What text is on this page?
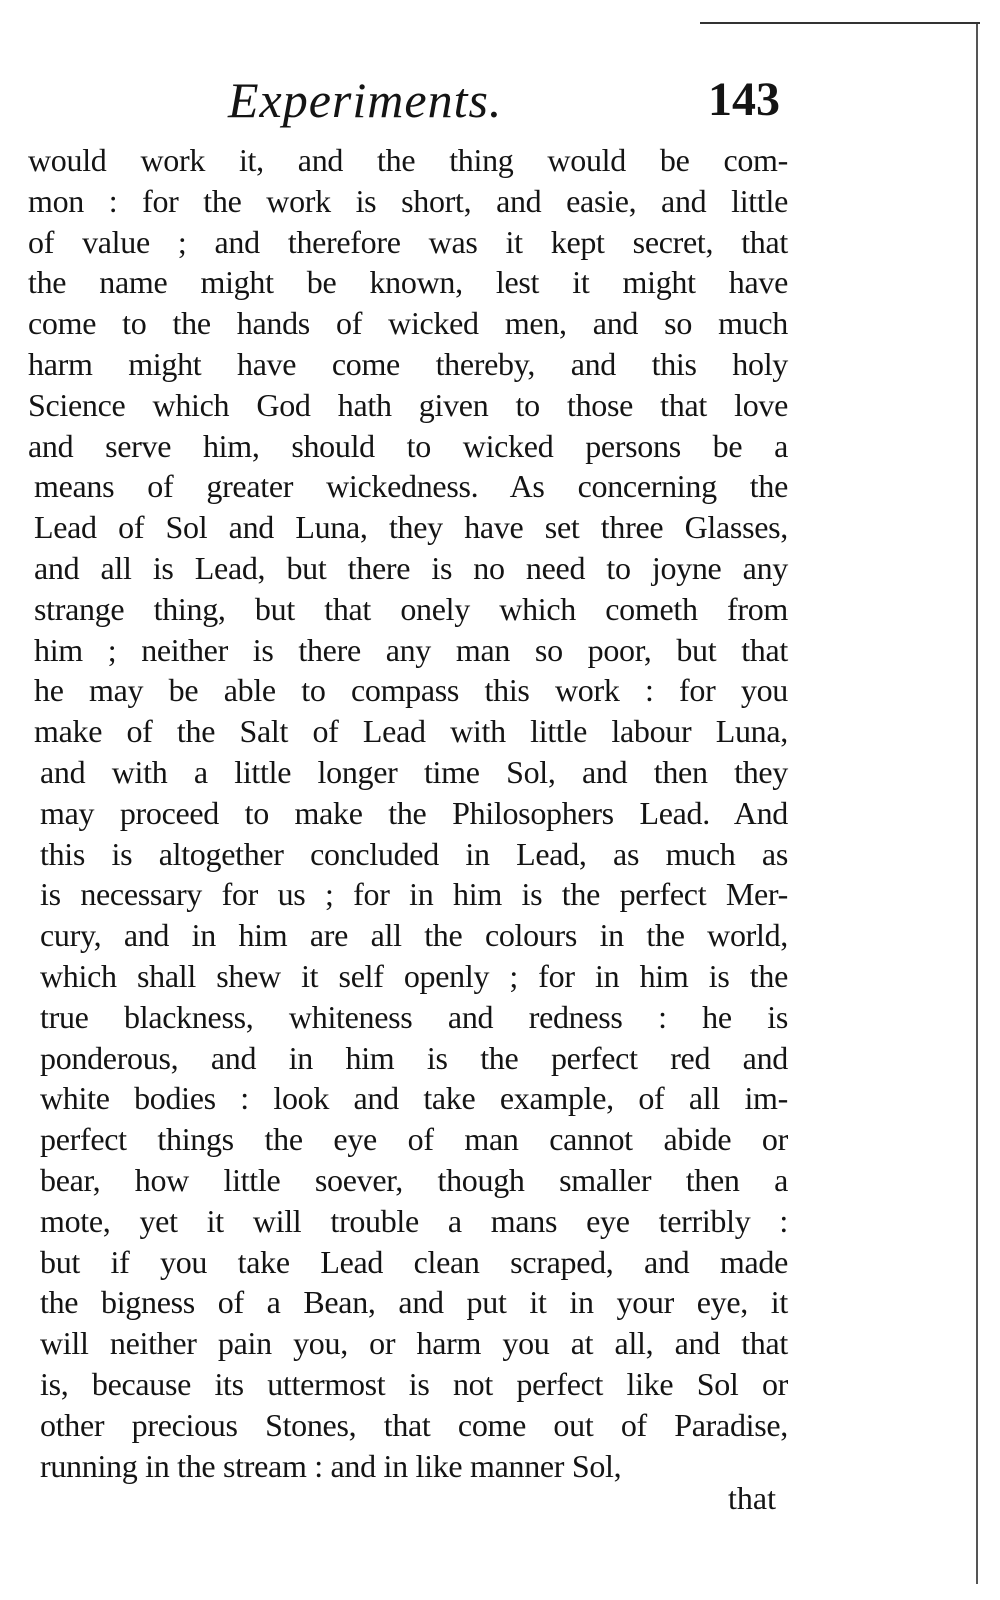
Experiments.	143
would work it, and the thing would be com-
mon : for the work is short, and easie, and little
of value ; and therefore was it kept secret, that
the name might be known, lest it might have
come to the hands of wicked men, and so much
harm might have come thereby, and this holy
Science which God hath given to those that love
and serve him, should to wicked persons be a
means of greater wickedness. As concerning the
Lead of Sol and Luna, they have set three Glasses,
and all is Lead, but there is no need to joyne any
strange thing, but that onely which cometh from
him ; neither is there any man so poor, but that
he may be able to compass this work : for you
make of the Salt of Lead with little labour Luna,
and with a little longer time Sol, and then they
may proceed to make the Philosophers Lead. And
this is altogether concluded in Lead, as much as
is necessary for us ; for in him is the perfect Mer-
cury, and in him are all the colours in the world,
which shall shew it self openly ; for in him is the
true blackness, whiteness and redness : he is
ponderous, and in him is the perfect red and
white bodies : look and take example, of all im-
perfect things the eye of man cannot abide or
bear, how little soever, though smaller then a
mote, yet it will trouble a mans eye terribly :
but if you take Lead clean scraped, and made
the bigness of a Bean, and put it in your eye, it
will neither pain you, or harm you at all, and that
is, because its uttermost is not perfect like Sol or
other precious Stones, that come out of Paradise,
running in the stream : and in like manner Sol,
that
